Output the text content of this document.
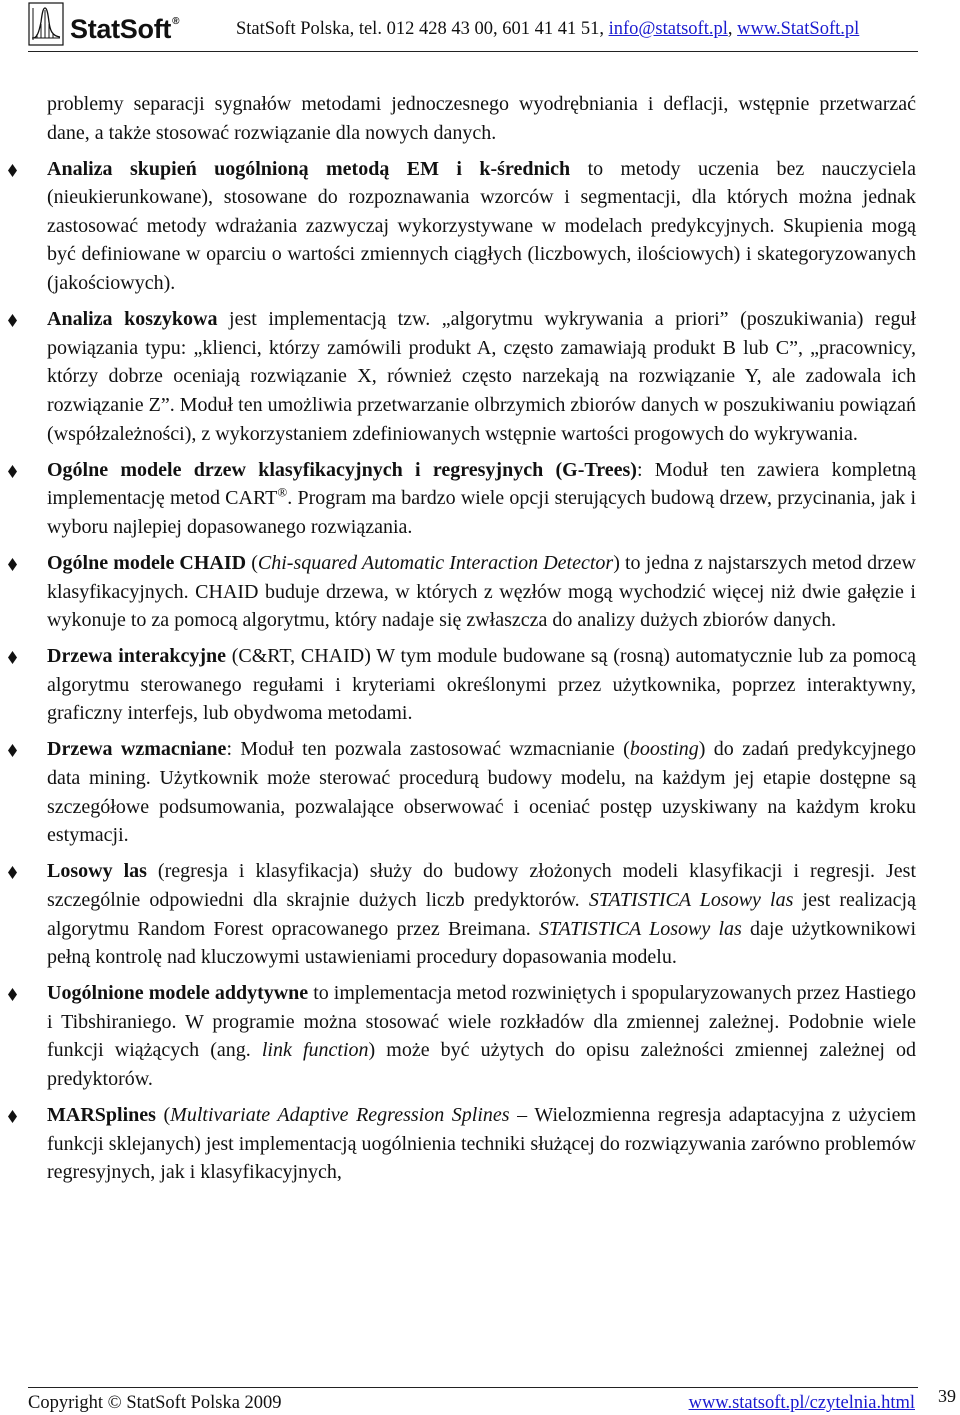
StatSoft®	StatSoft Polska, tel. 012 428 43 00, 601 41 41 51, info@statsoft.pl, www.StatSoft.pl

problemy separacji sygnałów metodami jednoczesnego wyodrębniania i deflacji, wstępnie przetwarzać dane, a także stosować rozwiązanie dla nowych danych.

Analiza skupień uogólnioną metodą EM i k-średnich to metody uczenia bez nauczyciela (nieukierunkowane), stosowane do rozpoznawania wzorców i segmentacji, dla których można jednak zastosować metody wdrażania zazwyczaj wykorzystywane w modelach predykcyjnych. Skupienia mogą być definiowane w oparciu o wartości zmiennych ciągłych (liczbowych, ilościowych) i skategoryzowanych (jakościowych).

Analiza koszykowa jest implementacją tzw. „algorytmu wykrywania a priori” (poszukiwania) reguł powiązania typu: „klienci, którzy zamówili produkt A, często zamawiają produkt B lub C”, „pracownicy, którzy dobrze oceniają rozwiązanie X, również często narzekają na rozwiązanie Y, ale zadowala ich rozwiązanie Z”. Moduł ten umożliwia przetwarzanie olbrzymich zbiorów danych w poszukiwaniu powiązań (współzależności), z wykorzystaniem zdefiniowanych wstępnie wartości progowych do wykrywania.

Ogólne modele drzew klasyfikacyjnych i regresyjnych (G-Trees): Moduł ten zawiera kompletną implementację metod CART®. Program ma bardzo wiele opcji sterujących budową drzew, przycinania, jak i wyboru najlepiej dopasowanego rozwiązania.

Ogólne modele CHAID (Chi-squared Automatic Interaction Detector) to jedna z najstarszych metod drzew klasyfikacyjnych. CHAID buduje drzewa, w których z węzłów mogą wychodzić więcej niż dwie gałęzie i wykonuje to za pomocą algorytmu, który nadaje się zwłaszcza do analizy dużych zbiorów danych.

Drzewa interakcyjne (C&RT, CHAID) W tym module budowane są (rosną) automatycznie lub za pomocą algorytmu sterowanego regułami i kryteriami określonymi przez użytkownika, poprzez interaktywny, graficzny interfejs, lub obydwoma metodami.

Drzewa wzmacniane: Moduł ten pozwala zastosować wzmacnianie (boosting) do zadań predykcyjnego data mining. Użytkownik może sterować procedurą budowy modelu, na każdym jej etapie dostępne są szczegółowe podsumowania, pozwalające obserwować i oceniać postęp uzyskiwany na każdym kroku estymacji.

Losowy las (regresja i klasyfikacja) służy do budowy złożonych modeli klasyfikacji i regresji. Jest szczególnie odpowiedni dla skrajnie dużych liczb predyktorów. STATISTICA Losowy las jest realizacją algorytmu Random Forest opracowanego przez Breimana. STATISTICA Losowy las daje użytkownikowi pełną kontrolę nad kluczowymi ustawieniami procedury dopasowania modelu.

Uogólnione modele addytywne to implementacja metod rozwiniętych i spopularyzowanych przez Hastiego i Tibshiraniego. W programie można stosować wiele rozkładów dla zmiennej zależnej. Podobnie wiele funkcji wiążących (ang. link function) może być użytych do opisu zależności zmiennej zależnej od predyktorów.

MARSplines (Multivariate Adaptive Regression Splines – Wielozmienna regresja adaptacyjna z użyciem funkcji sklejanych) jest implementacją uogólnienia techniki służącej do rozwiązywania zarówno problemów regresyjnych, jak i klasyfikacyjnych,

Copyright © StatSoft Polska 2009	www.statsoft.pl/czytelnia.html 39
